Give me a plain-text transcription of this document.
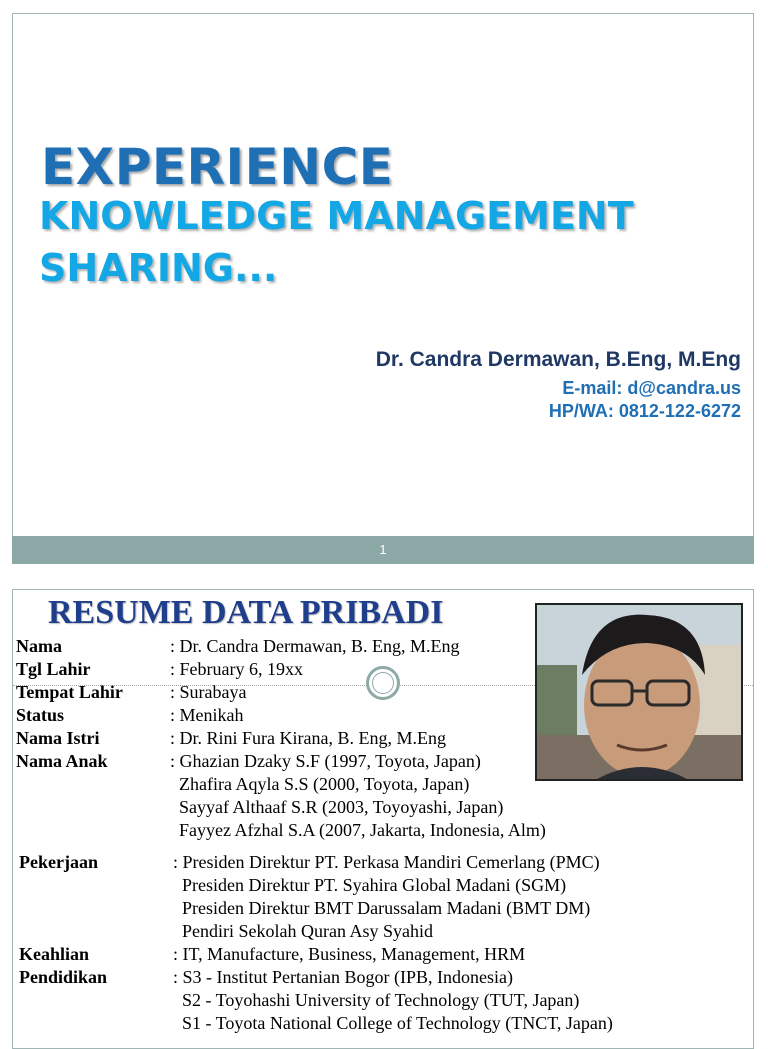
EXPERIENCE
KNOWLEDGE MANAGEMENT
SHARING...
Dr. Candra Dermawan, B.Eng, M.Eng
E-mail: d@candra.us
HP/WA: 0812-122-6272
1
RESUME DATA PRIBADI
Nama	: Dr. Candra Dermawan, B. Eng, M.Eng
Tgl Lahir	: February 6, 19xx
Tempat Lahir	: Surabaya
Status	: Menikah
Nama Istri	: Dr. Rini Fura Kirana, B. Eng, M.Eng
Nama Anak	: Ghazian Dzaky S.F (1997, Toyota, Japan)
Zhafira Aqyla S.S (2000, Toyota, Japan)
Sayyaf Althaaf S.R (2003, Toyoyashi, Japan)
Fayyez Afzhal S.A (2007, Jakarta, Indonesia, Alm)
Pekerjaan	: Presiden Direktur PT. Perkasa Mandiri Cemerlang (PMC)
Presiden Direktur PT. Syahira Global Madani (SGM)
Presiden Direktur BMT Darussalam Madani (BMT DM)
Pendiri Sekolah Quran Asy Syahid
Keahlian	: IT, Manufacture, Business, Management, HRM
Pendidikan	: S3 - Institut Pertanian Bogor (IPB, Indonesia)
S2 - Toyohashi University of Technology (TUT, Japan)
S1 - Toyota National College of Technology (TNCT, Japan)
